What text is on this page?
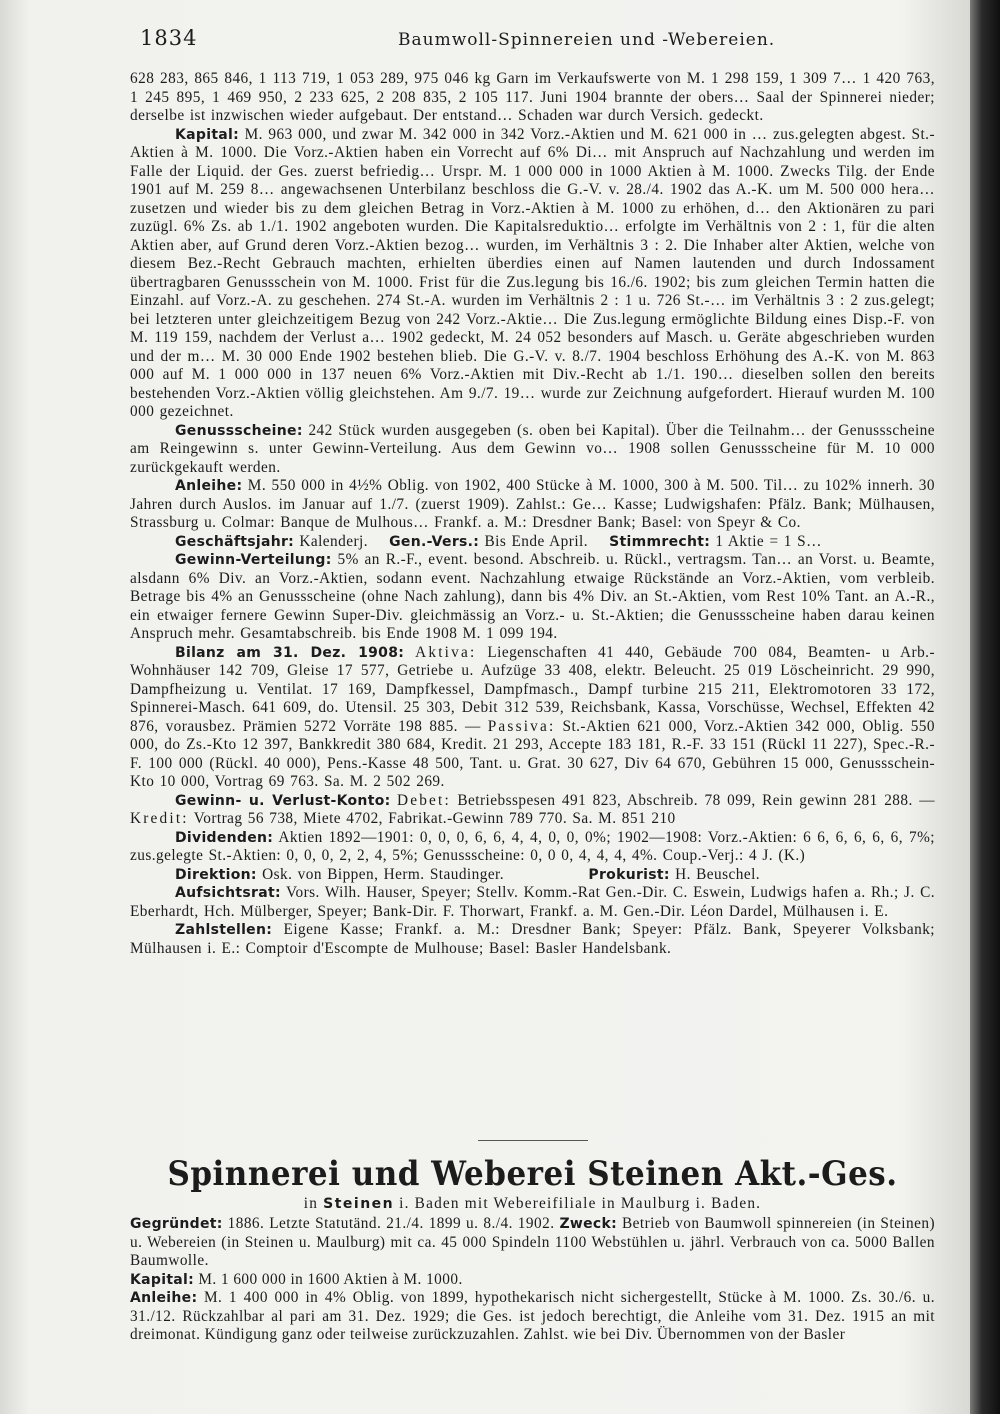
1834	Baumwoll-Spinnereien und -Webereien.

628 283, 865 846, 1 113 719, 1 053 289, 975 046 kg Garn im Verkaufswerte von M. 1 298 159, 1 309 7… 1 420 763, 1 245 895, 1 469 950, 2 233 625, 2 208 835, 2 105 117. Juni 1904 brannte der obers… Saal der Spinnerei nieder; derselbe ist inzwischen wieder aufgebaut. Der entstand… Schaden war durch Versich. gedeckt.

Kapital: M. 963 000, und zwar M. 342 000 in 342 Vorz.-Aktien und M. 621 000 in … zus.gelegten abgest. St.-Aktien à M. 1000. Die Vorz.-Aktien haben ein Vorrecht auf 6% Di… mit Anspruch auf Nachzahlung und werden im Falle der Liquid. der Ges. zuerst befriedig… Urspr. M. 1 000 000 in 1000 Aktien à M. 1000. Zwecks Tilg. der Ende 1901 auf M. 259 8… angewachsenen Unterbilanz beschloss die G.-V. v. 28./4. 1902 das A.-K. um M. 500 000 hera… zusetzen und wieder bis zu dem gleichen Betrag in Vorz.-Aktien à M. 1000 zu erhöhen, d… den Aktionären zu pari zuzügl. 6% Zs. ab 1./1. 1902 angeboten wurden. Die Kapitalsreduktio… erfolgte im Verhältnis von 2 : 1, für die alten Aktien aber, auf Grund deren Vorz.-Aktien bezog… wurden, im Verhältnis 3 : 2. Die Inhaber alter Aktien, welche von diesem Bez.-Recht Gebrauch machten, erhielten überdies einen auf Namen lautenden und durch Indossament übertragbaren Genussschein von M. 1000. Frist für die Zus.legung bis 16./6. 1902; bis zum gleichen Termin hatten die Einzahl. auf Vorz.-A. zu geschehen. 274 St.-A. wurden im Verhältnis 2 : 1 u. 726 St.-… im Verhältnis 3 : 2 zus.gelegt; bei letzteren unter gleichzeitigem Bezug von 242 Vorz.-Aktie… Die Zus.legung ermöglichte Bildung eines Disp.-F. von M. 119 159, nachdem der Verlust a… 1902 gedeckt, M. 24 052 besonders auf Masch. u. Geräte abgeschrieben wurden und der m… M. 30 000 Ende 1902 bestehen blieb. Die G.-V. v. 8./7. 1904 beschloss Erhöhung des A.-K. von M. 863 000 auf M. 1 000 000 in 137 neuen 6% Vorz.-Aktien mit Div.-Recht ab 1./1. 190… dieselben sollen den bereits bestehenden Vorz.-Aktien völlig gleichstehen. Am 9./7. 19… wurde zur Zeichnung aufgefordert. Hierauf wurden M. 100 000 gezeichnet.

Genussscheine: 242 Stück wurden ausgegeben (s. oben bei Kapital). Über die Teilnahm… der Genussscheine am Reingewinn s. unter Gewinn-Verteilung. Aus dem Gewinn vo… 1908 sollen Genussscheine für M. 10 000 zurückgekauft werden.

Anleihe: M. 550 000 in 4½% Oblig. von 1902, 400 Stücke à M. 1000, 300 à M. 500. Til… zu 102% innerh. 30 Jahren durch Auslos. im Januar auf 1./7. (zuerst 1909). Zahlst.: Ge… Kasse; Ludwigshafen: Pfälz. Bank; Mülhausen, Strassburg u. Colmar: Banque de Mulhous… Frankf. a. M.: Dresdner Bank; Basel: von Speyr & Co.

Geschäftsjahr: Kalenderj. Gen.-Vers.: Bis Ende April. Stimmrecht: 1 Aktie = 1 S…

Gewinn-Verteilung: 5% an R.-F., event. besond. Abschreib. u. Rückl., vertragsm. Tan… an Vorst. u. Beamte, alsdann 6% Div. an Vorz.-Aktien, sodann event. Nachzahlung etwaige Rückstände an Vorz.-Aktien, vom verbleib. Betrage bis 4% an Genussscheine (ohne Nach zahlung), dann bis 4% Div. an St.-Aktien, vom Rest 10% Tant. an A.-R., ein etwaiger fernere Gewinn Super-Div. gleichmässig an Vorz.- u. St.-Aktien; die Genussscheine haben darau keinen Anspruch mehr. Gesamtabschreib. bis Ende 1908 M. 1 099 194.

Bilanz am 31. Dez. 1908: Aktiva: Liegenschaften 41 440, Gebäude 700 084, Beamten- u Arb.-Wohnhäuser 142 709, Gleise 17 577, Getriebe u. Aufzüge 33 408, elektr. Beleucht. 25 019 Löscheinricht. 29 990, Dampfheizung u. Ventilat. 17 169, Dampfkessel, Dampfmasch., Dampf turbine 215 211, Elektromotoren 33 172, Spinnerei-Masch. 641 609, do. Utensil. 25 303, Debit 312 539, Reichsbank, Kassa, Vorschüsse, Wechsel, Effekten 42 876, vorausbez. Prämien 5272 Vorräte 198 885. — Passiva: St.-Aktien 621 000, Vorz.-Aktien 342 000, Oblig. 550 000, do Zs.-Kto 12 397, Bankkredit 380 684, Kredit. 21 293, Accepte 183 181, R.-F. 33 151 (Rückl 11 227), Spec.-R.-F. 100 000 (Rückl. 40 000), Pens.-Kasse 48 500, Tant. u. Grat. 30 627, Div 64 670, Gebühren 15 000, Genussschein-Kto 10 000, Vortrag 69 763. Sa. M. 2 502 269.

Gewinn- u. Verlust-Konto: Debet: Betriebsspesen 491 823, Abschreib. 78 099, Rein gewinn 281 288. — Kredit: Vortrag 56 738, Miete 4702, Fabrikat.-Gewinn 789 770. Sa. M. 851 210

Dividenden: Aktien 1892—1901: 0, 0, 0, 6, 6, 4, 4, 0, 0, 0%; 1902—1908: Vorz.-Aktien: 6 6, 6, 6, 6, 6, 7%; zus.gelegte St.-Aktien: 0, 0, 0, 2, 2, 4, 5%; Genussscheine: 0, 0 0, 4, 4, 4, 4%. Coup.-Verj.: 4 J. (K.)

Direktion: Osk. von Bippen, Herm. Staudinger.	Prokurist: H. Beuschel.

Aufsichtsrat: Vors. Wilh. Hauser, Speyer; Stellv. Komm.-Rat Gen.-Dir. C. Eswein, Ludwigs hafen a. Rh.; J. C. Eberhardt, Hch. Mülberger, Speyer; Bank-Dir. F. Thorwart, Frankf. a. M. Gen.-Dir. Léon Dardel, Mülhausen i. E.

Zahlstellen: Eigene Kasse; Frankf. a. M.: Dresdner Bank; Speyer: Pfälz. Bank, Speyerer Volksbank; Mülhausen i. E.: Comptoir d'Escompte de Mulhouse; Basel: Basler Handelsbank.

Spinnerei und Weberei Steinen Akt.-Ges.
in Steinen i. Baden mit Webereifiliale in Maulburg i. Baden.

Gegründet: 1886. Letzte Statutänd. 21./4. 1899 u. 8./4. 1902. Zweck: Betrieb von Baumwoll spinnereien (in Steinen) u. Webereien (in Steinen u. Maulburg) mit ca. 45 000 Spindeln 1100 Webstühlen u. jährl. Verbrauch von ca. 5000 Ballen Baumwolle.

Kapital: M. 1 600 000 in 1600 Aktien à M. 1000.

Anleihe: M. 1 400 000 in 4% Oblig. von 1899, hypothekarisch nicht sichergestellt, Stücke à M. 1000. Zs. 30./6. u. 31./12. Rückzahlbar al pari am 31. Dez. 1929; die Ges. ist jedoch berechtigt, die Anleihe vom 31. Dez. 1915 an mit dreimonat. Kündigung ganz oder teilweise zurückzuzahlen. Zahlst. wie bei Div. Übernommen von der Basler
